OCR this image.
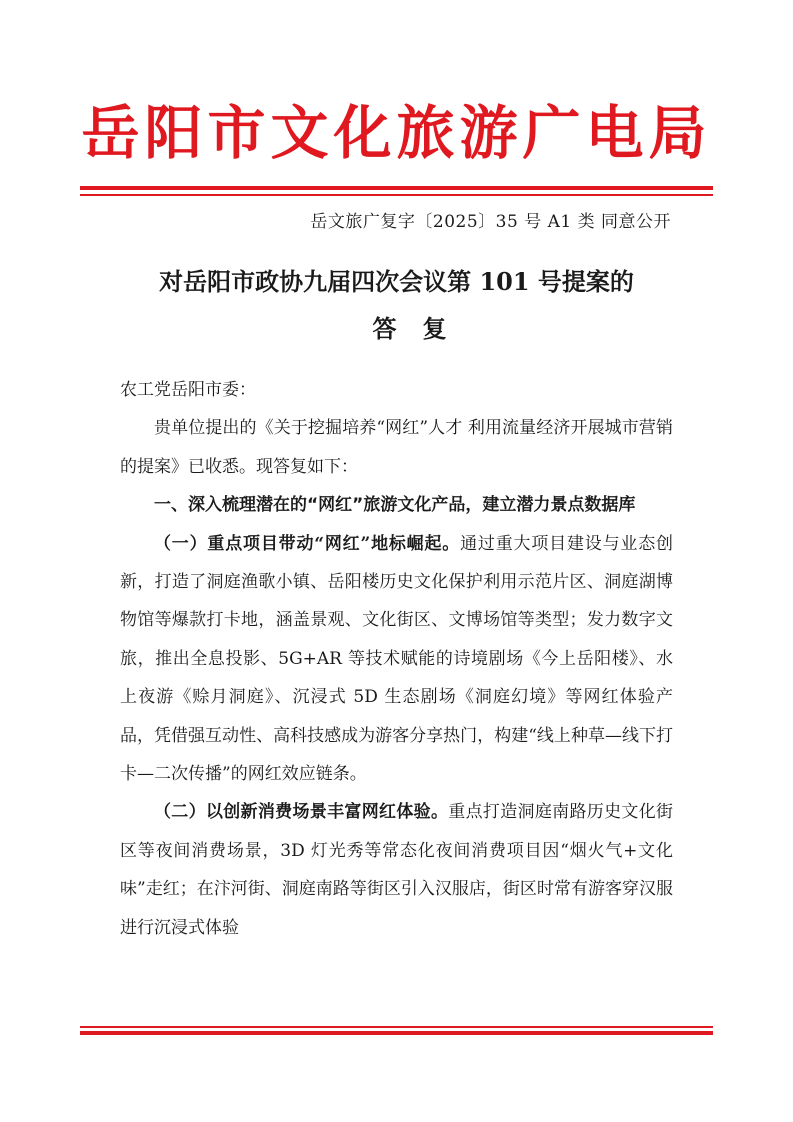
岳阳市文化旅游广电局
岳文旅广复字〔2025〕35 号 A1 类 同意公开
对岳阳市政协九届四次会议第 101 号提案的
答复

农工党岳阳市委：

贵单位提出的《关于挖掘培养“网红”人才 利用流量经济开展城市营销的提案》已收悉。现答复如下：

一、深入梳理潜在的“网红”旅游文化产品，建立潜力景点数据库

（一）重点项目带动“网红”地标崛起。通过重大项目建设与业态创新，打造了洞庭渔歌小镇、岳阳楼历史文化保护利用示范片区、洞庭湖博物馆等爆款打卡地，涵盖景观、文化街区、文博场馆等类型；发力数字文旅，推出全息投影、5G+AR 等技术赋能的诗境剧场《今上岳阳楼》、水上夜游《赊月洞庭》、沉浸式 5D 生态剧场《洞庭幻境》等网红体验产品，凭借强互动性、高科技感成为游客分享热门，构建“线上种草—线下打卡—二次传播”的网红效应链条。

（二）以创新消费场景丰富网红体验。重点打造洞庭南路历史文化街区等夜间消费场景，3D 灯光秀等常态化夜间消费项目因“烟火气+文化味”走红；在汴河街、洞庭南路等街区引入汉服店，街区时常有游客穿汉服进行沉浸式体验
